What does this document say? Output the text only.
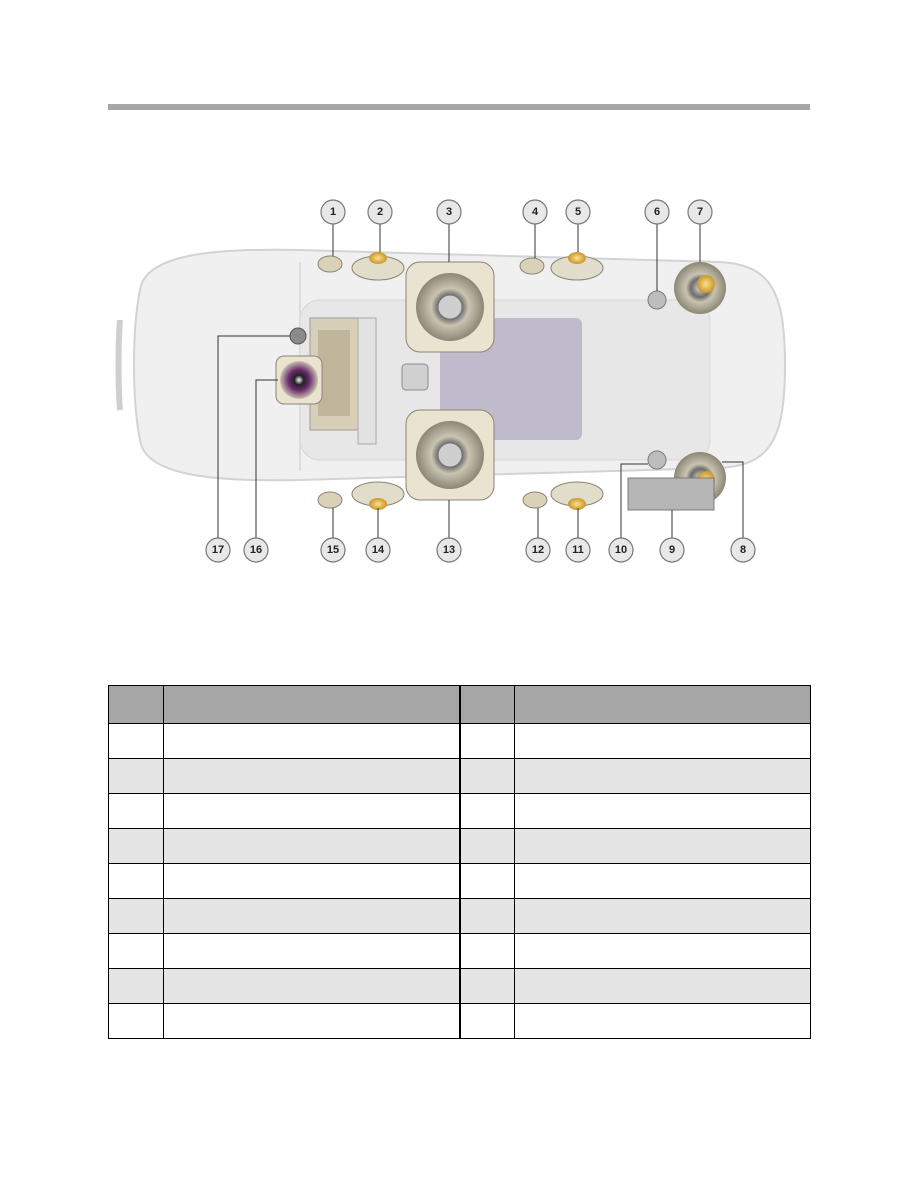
1	2	3	4	5	6	7
8
9
10
11
12
13
14
15
16
17
